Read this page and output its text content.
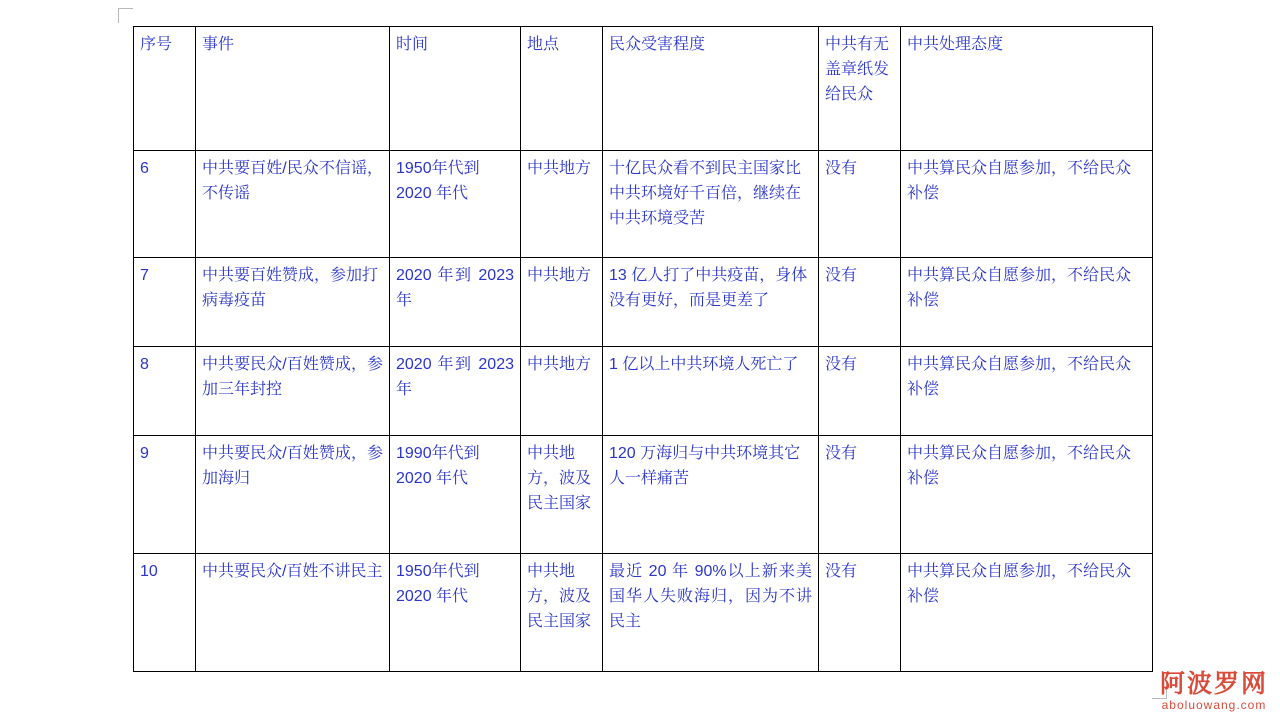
序号	事件	时间	地点	民众受害程度	中共有无盖章纸发给民众	中共处理态度
6	中共要百姓/民众不信谣，不传谣	1950年代到2020 年代	中共地方	十亿民众看不到民主国家比中共环境好千百倍，继续在中共环境受苦	没有	中共算民众自愿参加，不给民众补偿
7	中共要百姓赞成，参加打病毒疫苗	2020 年到 2023 年	中共地方	13 亿人打了中共疫苗，身体没有更好，而是更差了	没有	中共算民众自愿参加，不给民众补偿
8	中共要民众/百姓赞成，参加三年封控	2020 年到 2023 年	中共地方	1 亿以上中共环境人死亡了	没有	中共算民众自愿参加，不给民众补偿
9	中共要民众/百姓赞成，参加海归	1990年代到2020 年代	中共地方，波及民主国家	120 万海归与中共环境其它人一样痛苦	没有	中共算民众自愿参加，不给民众补偿
10	中共要民众/百姓不讲民主	1950年代到2020 年代	中共地方，波及民主国家	最近 20 年 90%以上新来美国华人失败海归，因为不讲民主	没有	中共算民众自愿参加，不给民众补偿
阿波罗网
aboluowang.com
